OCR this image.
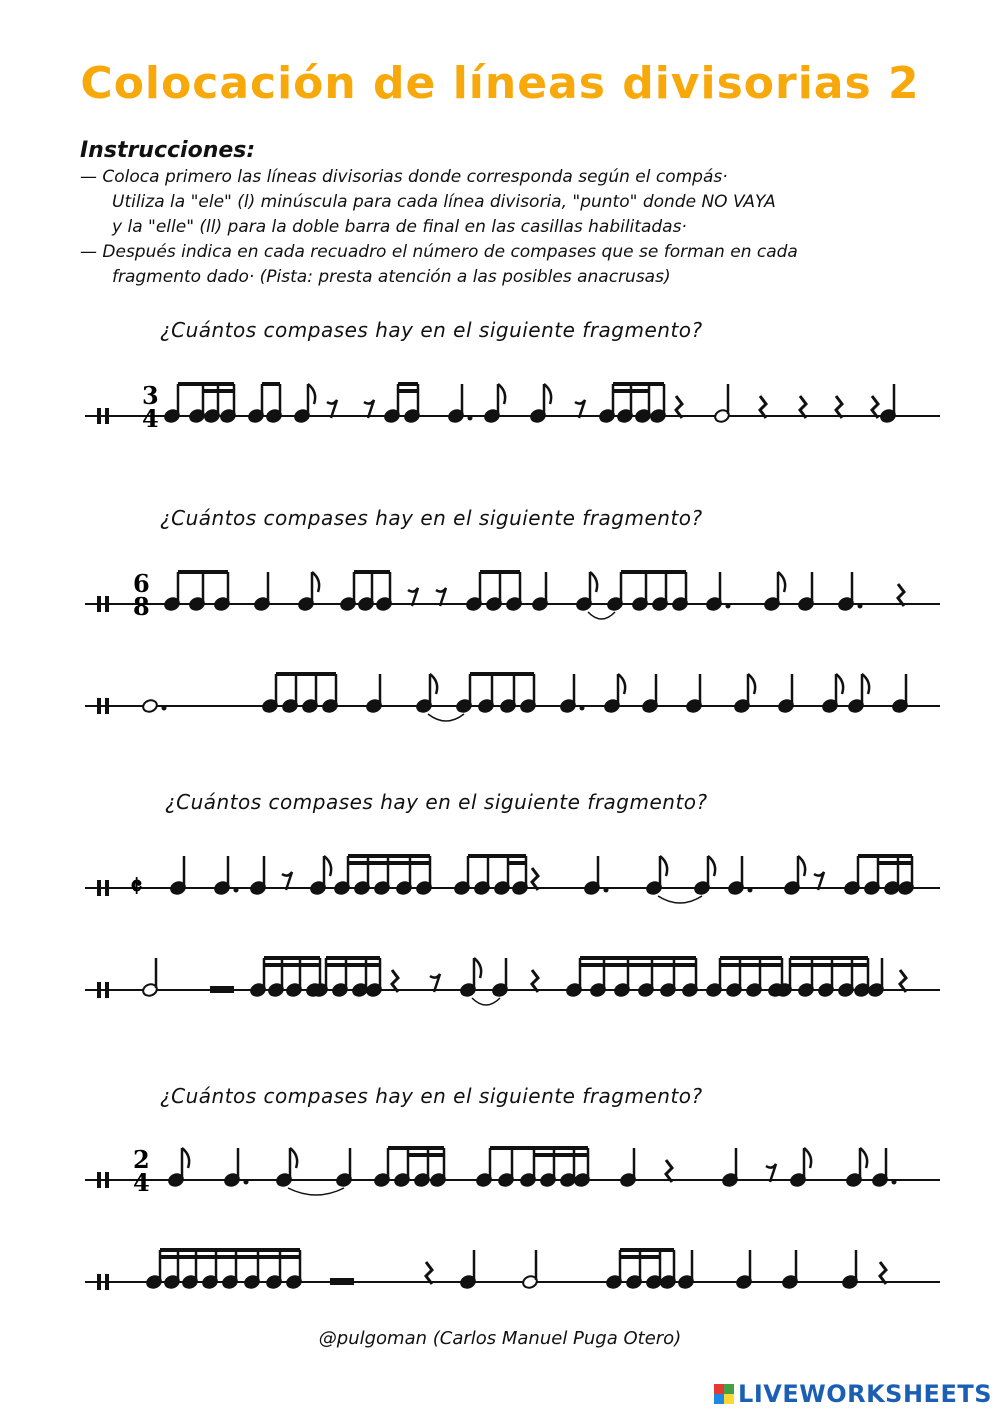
Colocación de líneas divisorias 2
Instrucciones:
— Coloca primero las líneas divisorias donde corresponda según el compás·
Utiliza la "ele" (l) minúscula para cada línea divisoria, "punto" donde NO VAYA
y la "elle" (ll) para la doble barra de final en las casillas habilitadas·
— Después indica en cada recuadro el número de compases que se forman en cada
fragmento dado· (Pista: presta atención a las posibles anacrusas)
¿Cuántos compases hay en el siguiente fragmento?
¿Cuántos compases hay en el siguiente fragmento?
¿Cuántos compases hay en el siguiente fragmento?
¿Cuántos compases hay en el siguiente fragmento?
3
4
6
8
𝄵
2
4
@pulgoman (Carlos Manuel Puga Otero)
LIVEWORKSHEETS
